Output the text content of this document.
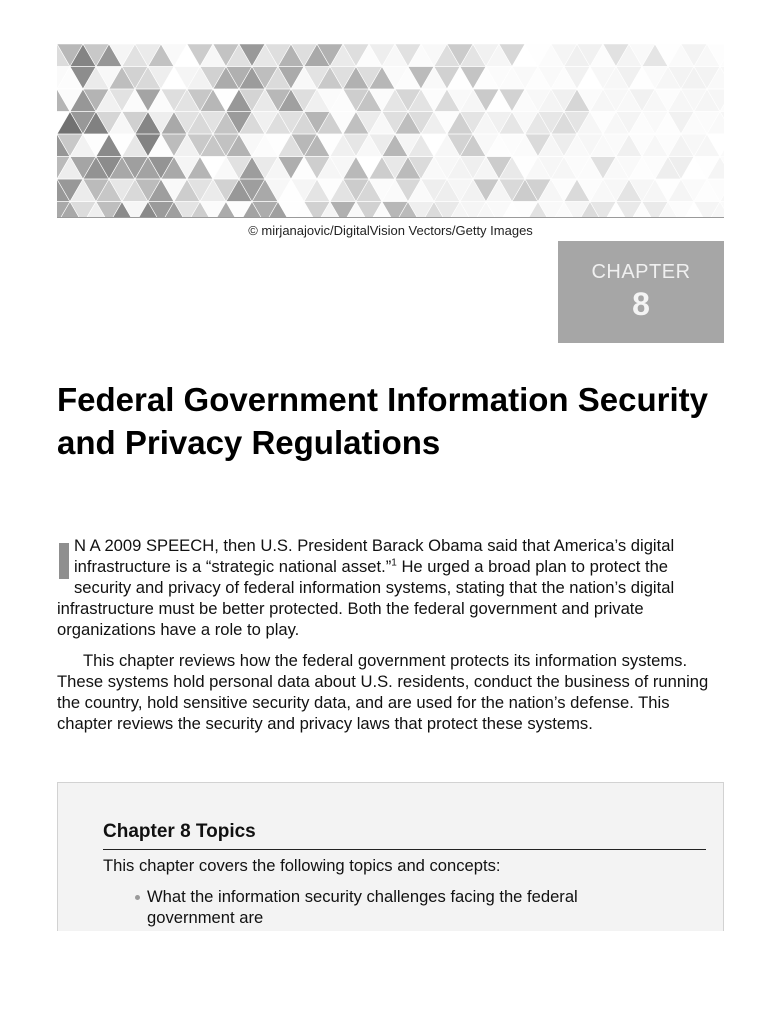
© mirjanajovic/DigitalVision Vectors/Getty Images
CHAPTER
8
Federal Government Information Security and Privacy Regulations

N A 2009 SPEECH, then U.S. President Barack Obama said that America’s digital infrastructure is a “strategic national asset.”$^1$ He urged a broad plan to protect the security and privacy of federal information systems, stating that the nation’s digital infrastructure must be better protected. Both the federal government and private organizations have a role to play.

This chapter reviews how the federal government protects its information systems. These systems hold personal data about U.S. residents, conduct the business of running the country, hold sensitive security data, and are used for the nation’s defense. This chapter reviews the security and privacy laws that protect these systems.

Chapter 8 Topics
This chapter covers the following topics and concepts:
What the information security challenges facing the federal government are
